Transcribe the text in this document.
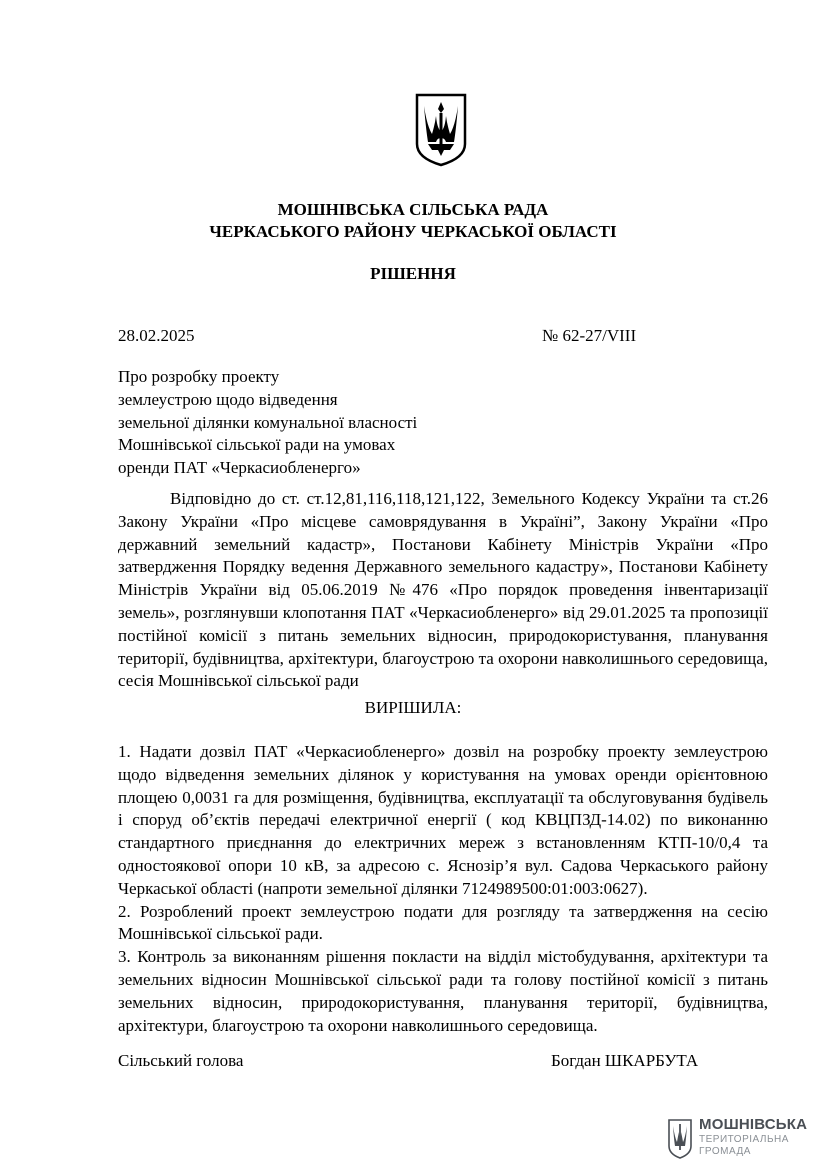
МОШНІВСЬКА СІЛЬСЬКА РАДА
ЧЕРКАСЬКОГО РАЙОНУ ЧЕРКАСЬКОЇ ОБЛАСТІ
РІШЕННЯ
28.02.2025	№ 62-27/VIII
Про розробку проекту
землеустрою щодо відведення
земельної ділянки комунальної власності
Мошнівської сільської ради на умовах
оренди ПАТ «Черкасиобленерго»

Відповідно до ст. ст.12,81,116,118,121,122, Земельного Кодексу України та ст.26 Закону України «Про місцеве самоврядування в Україні”, Закону України «Про державний земельний кадастр», Постанови Кабінету Міністрів України «Про затвердження Порядку ведення Державного земельного кадастру», Постанови Кабінету Міністрів України від 05.06.2019 №476 «Про порядок проведення інвентаризації земель», розглянувши клопотання ПАТ «Черкасиобленерго» від 29.01.2025 та пропозиції постійної комісії з питань земельних відносин, природокористування, планування території, будівництва, архітектури, благоустрою та охорони навколишнього середовища, сесія Мошнівської сільської ради

ВИРІШИЛА:

1. Надати дозвіл ПАТ «Черкасиобленерго» дозвіл на розробку проекту землеустрою щодо відведення земельних ділянок у користування на умовах оренди орієнтовною площею 0,0031 га для розміщення, будівництва, експлуатації та обслуговування будівель і споруд об’єктів передачі електричної енергії ( код КВЦПЗД-14.02) по виконанню стандартного приєднання до електричних мереж з встановленням КТП-10/0,4 та одностоякової опори 10 кВ, за адресою с. Яснозір’я вул. Садова Черкаського району Черкаської області (напроти земельної ділянки 7124989500:01:003:0627).

2. Розроблений проект землеустрою подати для розгляду та затвердження на сесію Мошнівської сільської ради.

3. Контроль за виконанням рішення покласти на відділ містобудування, архітектури та земельних відносин Мошнівської сільської ради та голову постійної комісії з питань земельних відносин, природокористування, планування території, будівництва, архітектури, благоустрою та охорони навколишнього середовища.

Сільський голова	Богдан ШКАРБУТА
МОШНІВСЬКА
ТЕРИТОРІАЛЬНА
ГРОМАДА
